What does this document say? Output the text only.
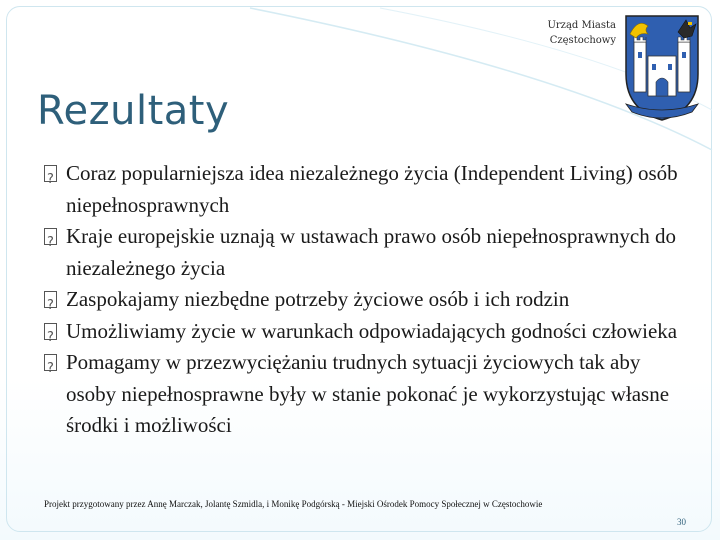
Urząd Miasta
Częstochowy
Rezultaty
?
Coraz popularniejsza idea niezależnego życia (Independent Living) osób niepełnosprawnych
?
Kraje europejskie uznają w ustawach prawo osób niepełnosprawnych do niezależnego życia
?
Zaspokajamy niezbędne potrzeby życiowe osób i ich rodzin
?
Umożliwiamy życie w warunkach odpowiadających godności człowieka
?
Pomagamy w przezwyciężaniu trudnych sytuacji życiowych tak aby osoby niepełnosprawne były w stanie pokonać je wykorzystując własne środki i możliwości
Projekt przygotowany przez Annę Marczak, Jolantę Szmidla, i Monikę Podgórską - Miejski Ośrodek Pomocy Społecznej w Częstochowie
30
